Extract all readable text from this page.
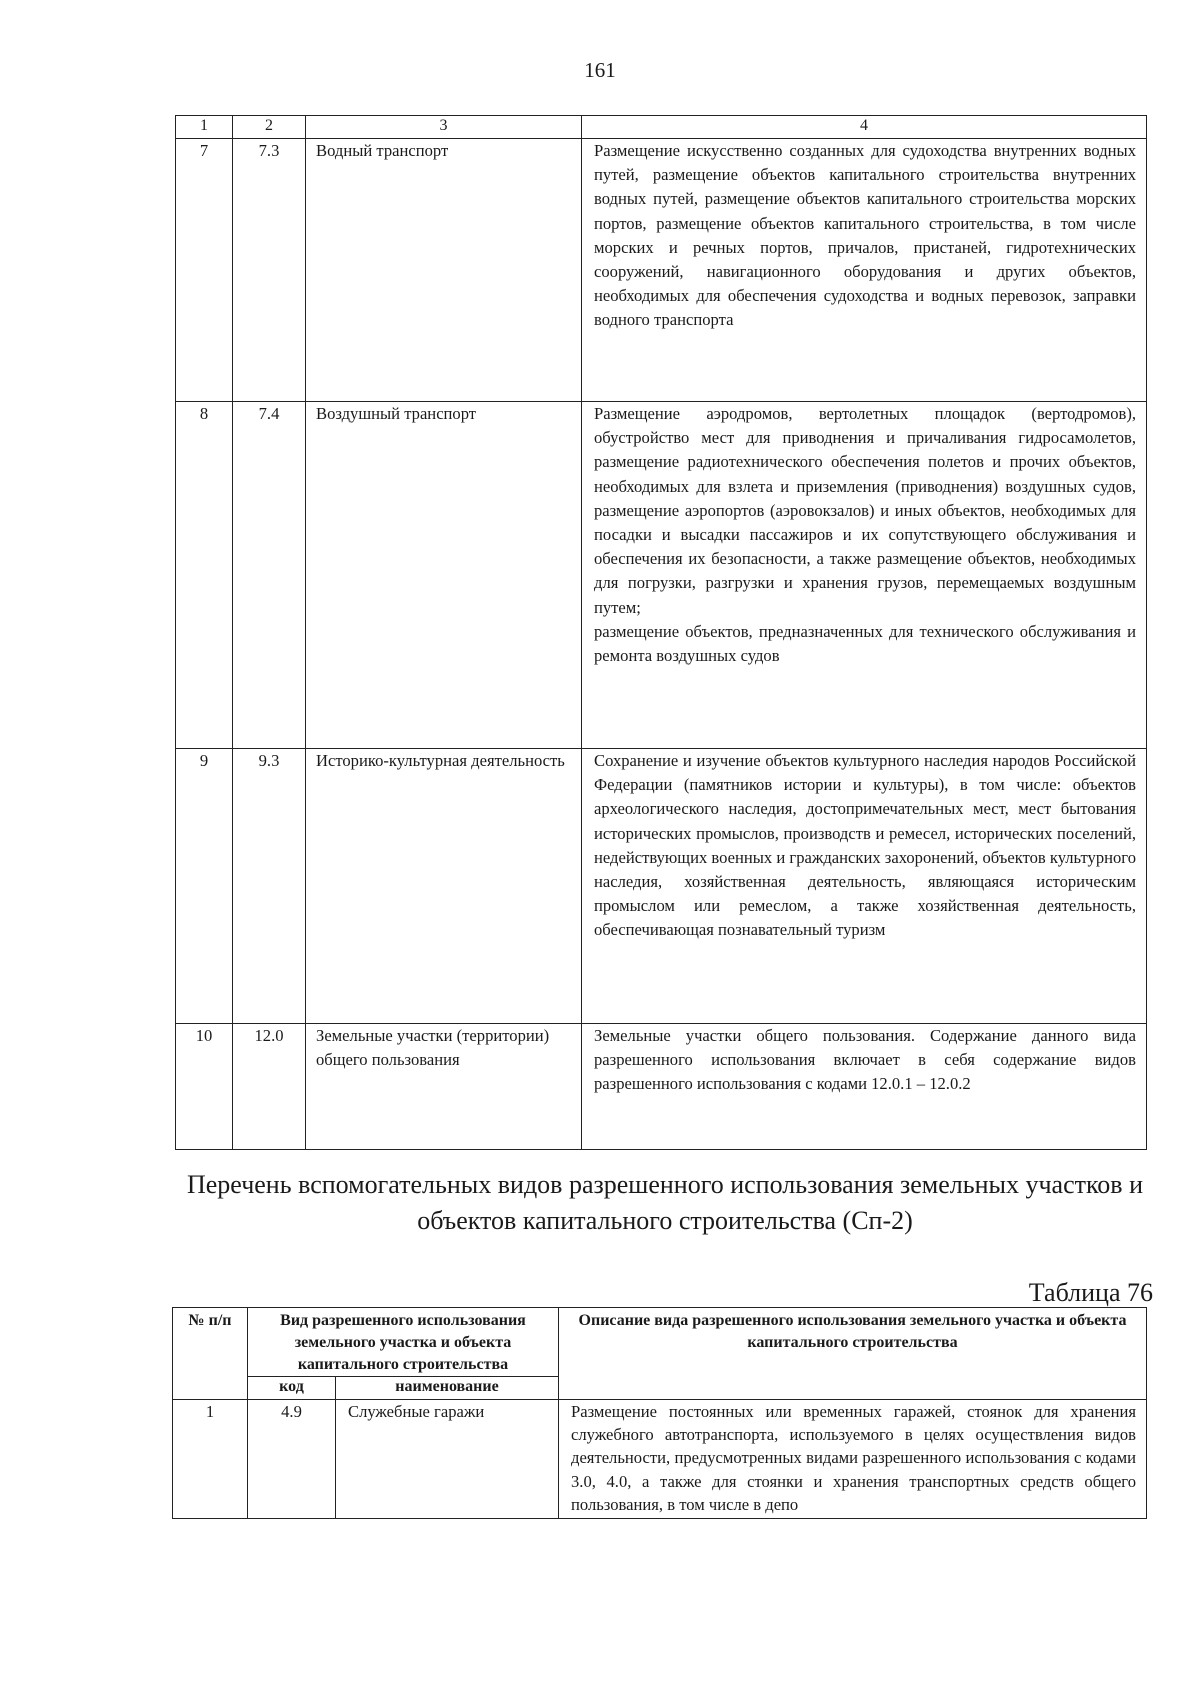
161
1	2	3	4
7	7.3	Водный транспорт	Размещение искусственно созданных для судоходства внутренних водных путей, размещение объектов капитального строительства внутренних водных путей, размещение объектов капитального строительства морских портов, размещение объектов капитального строительства, в том числе морских и речных портов, причалов, пристаней, гидротехнических сооружений, навигационного оборудования и других объектов, необходимых для обеспечения судоходства и водных перевозок, заправки водного транспорта
8	7.4	Воздушный транспорт	Размещение аэродромов, вертолетных площадок (вертодромов), обустройство мест для приводнения и причаливания гидросамолетов, размещение радиотехнического обеспечения полетов и прочих объектов, необходимых для взлета и приземления (приводнения) воздушных судов, размещение аэропортов (аэровокзалов) и иных объектов, необходимых для посадки и высадки пассажиров и их сопутствующего обслуживания и обеспечения их безопасности, а также размещение объектов, необходимых для погрузки, разгрузки и хранения грузов, перемещаемых воздушным путем;
размещение объектов, предназначенных для технического обслуживания и ремонта воздушных судов

9	9.3	Историко-культурная деятельность	Сохранение и изучение объектов культурного наследия народов Российской Федерации (памятников истории и культуры), в том числе: объектов археологического наследия, достопримечательных мест, мест бытования исторических промыслов, производств и ремесел, исторических поселений, недействующих военных и гражданских захоронений, объектов культурного наследия, хозяйственная деятельность, являющаяся историческим промыслом или ремеслом, а также хозяйственная деятельность, обеспечивающая познавательный туризм
10	12.0	Земельные участки (территории) общего пользования	Земельные участки общего пользования. Содержание данного вида разрешенного использования включает в себя содержание видов разрешенного использования с кодами 12.0.1 – 12.0.2
Перечень вспомогательных видов разрешенного использования земельных участков и объектов капитального строительства (Сп-2)
Таблица 76
№ п/п	Вид разрешенного использования земельного участка и объекта капитального строительства		Описание вида разрешенного использования земельного участка и объекта капитального строительства
	код	наименование	
1	4.9	Служебные гаражи	Размещение постоянных или временных гаражей, стоянок для хранения служебного автотранспорта, используемого в целях осуществления видов деятельности, предусмотренных видами разрешенного использования с кодами 3.0, 4.0, а также для стоянки и хранения транспортных средств общего пользования, в том числе в депо
